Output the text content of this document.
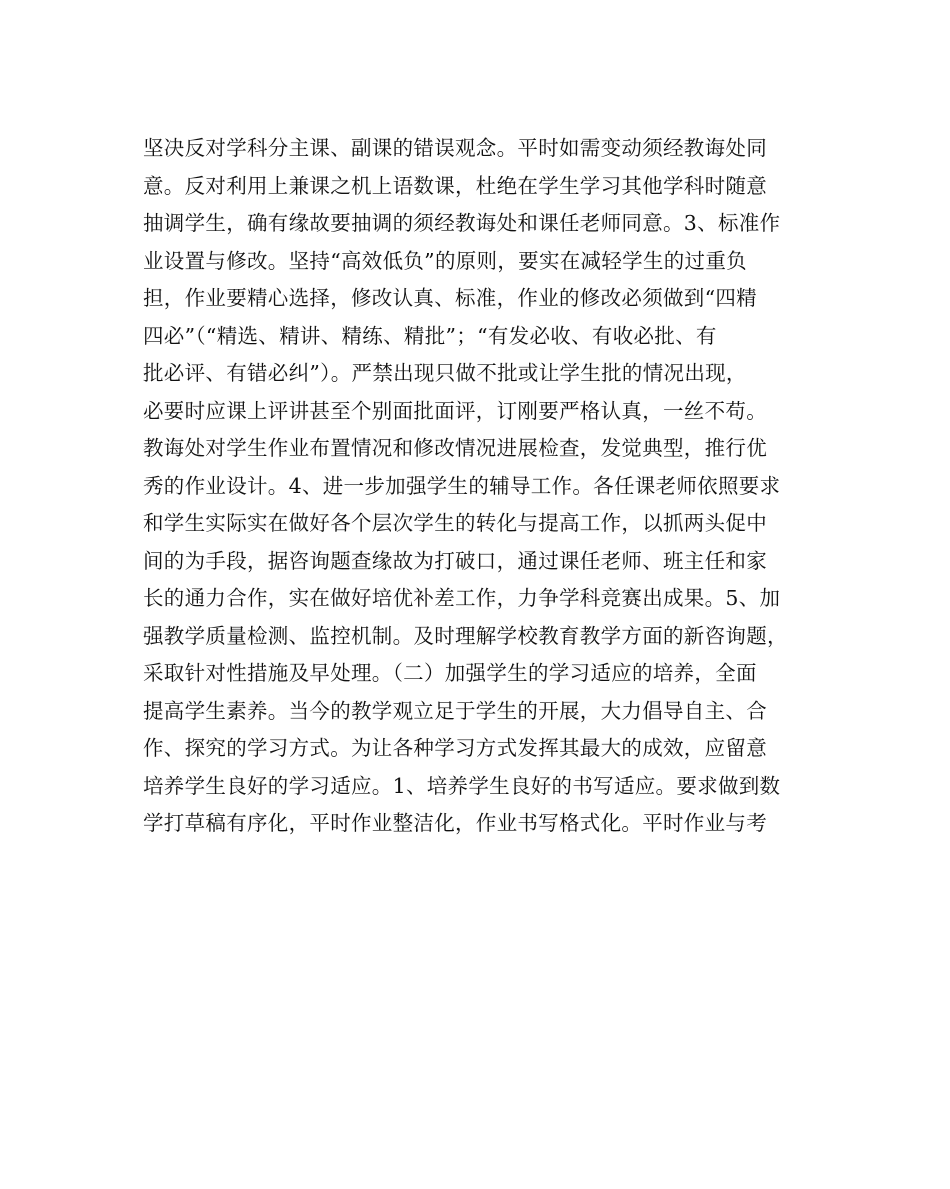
坚决反对学科分主课、副课的错误观念。平时如需变动须经教诲处同
意。反对利用上兼课之机上语数课，杜绝在学生学习其他学科时随意
抽调学生，确有缘故要抽调的须经教诲处和课任老师同意。3、标准作
业设置与修改。坚持“高效低负”的原则，要实在减轻学生的过重负
担，作业要精心选择，修改认真、标准，作业的修改必须做到“四精
四必”（“精选、精讲、精练、精批”；“有发必收、有收必批、有
批必评、有错必纠”）。严禁出现只做不批或让学生批的情况出现，
必要时应课上评讲甚至个别面批面评，订刚要严格认真，一丝不苟。
教诲处对学生作业布置情况和修改情况进展检查，发觉典型，推行优
秀的作业设计。4、进一步加强学生的辅导工作。各任课老师依照要求
和学生实际实在做好各个层次学生的转化与提高工作，以抓两头促中
间的为手段，据咨询题查缘故为打破口，通过课任老师、班主任和家
长的通力合作，实在做好培优补差工作，力争学科竞赛出成果。5、加
强教学质量检测、监控机制。及时理解学校教育教学方面的新咨询题，
采取针对性措施及早处理。（二）加强学生的学习适应的培养，全面
提高学生素养。当今的教学观立足于学生的开展，大力倡导自主、合
作、探究的学习方式。为让各种学习方式发挥其最大的成效，应留意
培养学生良好的学习适应。1、培养学生良好的书写适应。要求做到数
学打草稿有序化，平时作业整洁化，作业书写格式化。平时作业与考
